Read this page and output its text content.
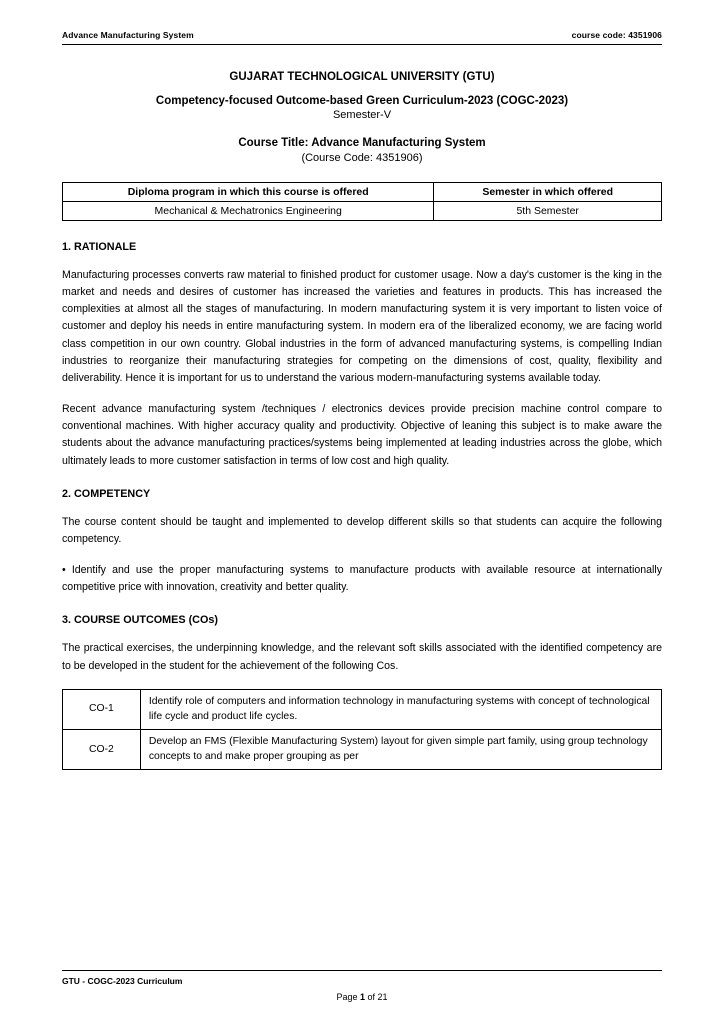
Advance Manufacturing System	course code: 4351906
GUJARAT TECHNOLOGICAL UNIVERSITY (GTU)
Competency-focused Outcome-based Green Curriculum-2023 (COGC-2023)
Semester-V
Course Title: Advance Manufacturing System
(Course Code: 4351906)
Diploma program in which this course is offered	Semester in which offered
Mechanical & Mechatronics Engineering	5th Semester
1. RATIONALE

Manufacturing processes converts raw material to finished product for customer usage. Now a day's customer is the king in the market and needs and desires of customer has increased the varieties and features in products. This has increased the complexities at almost all the stages of manufacturing. In modern manufacturing system it is very important to listen voice of customer and deploy his needs in entire manufacturing system. In modern era of the liberalized economy, we are facing world class competition in our own country. Global industries in the form of advanced manufacturing systems, is compelling Indian industries to reorganize their manufacturing strategies for competing on the dimensions of cost, quality, flexibility and deliverability. Hence it is important for us to understand the various modern-manufacturing systems available today.

Recent advance manufacturing system /techniques / electronics devices provide precision machine control compare to conventional machines. With higher accuracy quality and productivity. Objective of leaning this subject is to make aware the students about the advance manufacturing practices/systems being implemented at leading industries across the globe, which ultimately leads to more customer satisfaction in terms of low cost and high quality.

2. COMPETENCY

The course content should be taught and implemented to develop different skills so that students can acquire the following competency.

• Identify and use the proper manufacturing systems to manufacture products with available resource at internationally competitive price with innovation, creativity and better quality.

3. COURSE OUTCOMES (COs)

The practical exercises, the underpinning knowledge, and the relevant soft skills associated with the identified competency are to be developed in the student for the achievement of the following Cos.

CO-1	Identify role of computers and information technology in manufacturing systems with concept of technological life cycle and product life cycles.
CO-2	Develop an FMS (Flexible Manufacturing System) layout for given simple part family, using group technology concepts to and make proper grouping as per
GTU - COGC-2023 Curriculum
Page 1 of 21
